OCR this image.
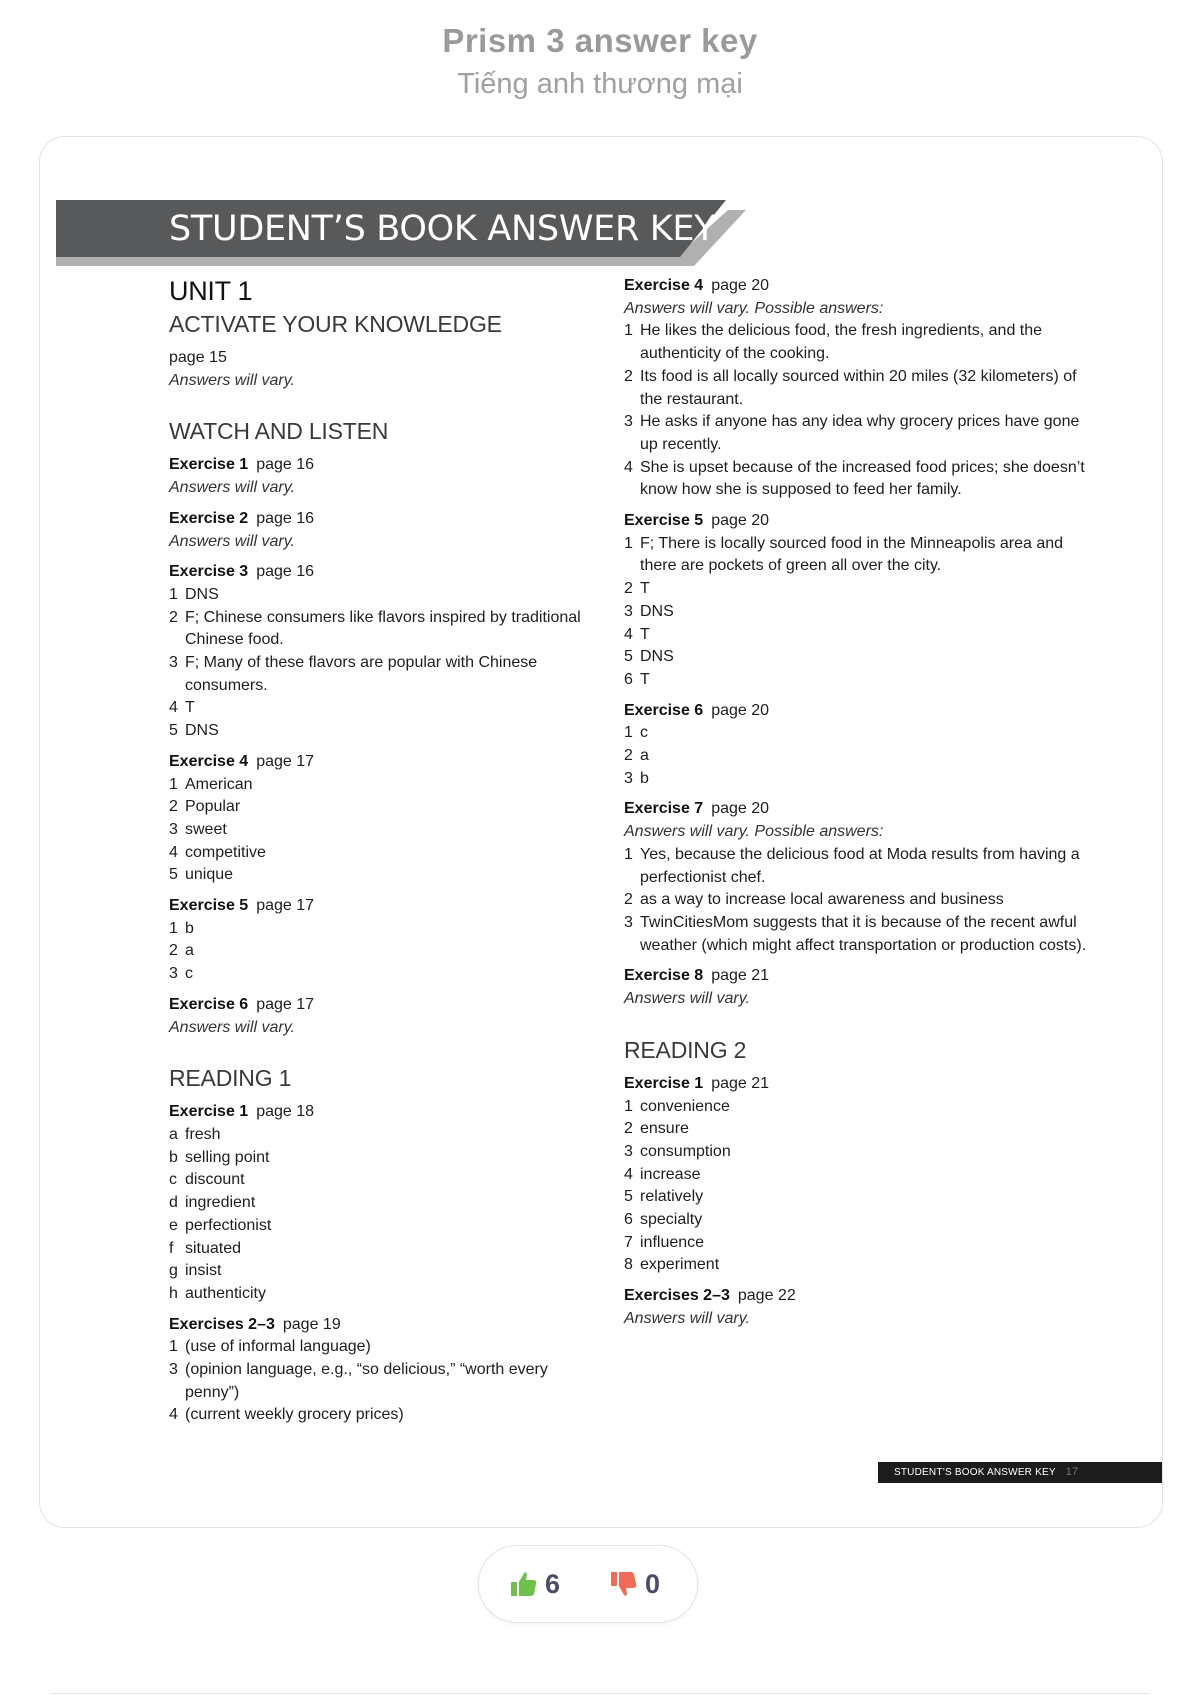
Prism 3 answer key
Tiếng anh thương mại
STUDENT’S BOOK ANSWER KEY
UNIT 1
ACTIVATE YOUR KNOWLEDGE
page 15
Answers will vary.
WATCH AND LISTEN
Exercise 1 page 16
Answers will vary.
Exercise 2 page 16
Answers will vary.
Exercise 3 page 16
1 DNS
2 F; Chinese consumers like flavors inspired by traditional Chinese food.
3 F; Many of these flavors are popular with Chinese consumers.
4 T
5 DNS
Exercise 4 page 17
1 American
2 Popular
3 sweet
4 competitive
5 unique
Exercise 5 page 17
1 b
2 a
3 c
Exercise 6 page 17
Answers will vary.
READING 1
Exercise 1 page 18
a fresh
b selling point
c discount
d ingredient
e perfectionist
f situated
g insist
h authenticity
Exercises 2–3 page 19
1 (use of informal language)
3 (opinion language, e.g., “so delicious,” “worth every penny”)
4 (current weekly grocery prices)
Exercise 4 page 20
Answers will vary. Possible answers:
1 He likes the delicious food, the fresh ingredients, and the authenticity of the cooking.
2 Its food is all locally sourced within 20 miles (32 kilometers) of the restaurant.
3 He asks if anyone has any idea why grocery prices have gone up recently.
4 She is upset because of the increased food prices; she doesn’t know how she is supposed to feed her family.
Exercise 5 page 20
1 F; There is locally sourced food in the Minneapolis area and there are pockets of green all over the city.
2 T
3 DNS
4 T
5 DNS
6 T
Exercise 6 page 20
1 c
2 a
3 b
Exercise 7 page 20
Answers will vary. Possible answers:
1 Yes, because the delicious food at Moda results from having a perfectionist chef.
2 as a way to increase local awareness and business
3 TwinCitiesMom suggests that it is because of the recent awful weather (which might affect transportation or production costs).
Exercise 8 page 21
Answers will vary.
READING 2
Exercise 1 page 21
1 convenience
2 ensure
3 consumption
4 increase
5 relatively
6 specialty
7 influence
8 experiment
Exercises 2–3 page 22
Answers will vary.
STUDENT’S BOOK ANSWER KEY 17
6	0
